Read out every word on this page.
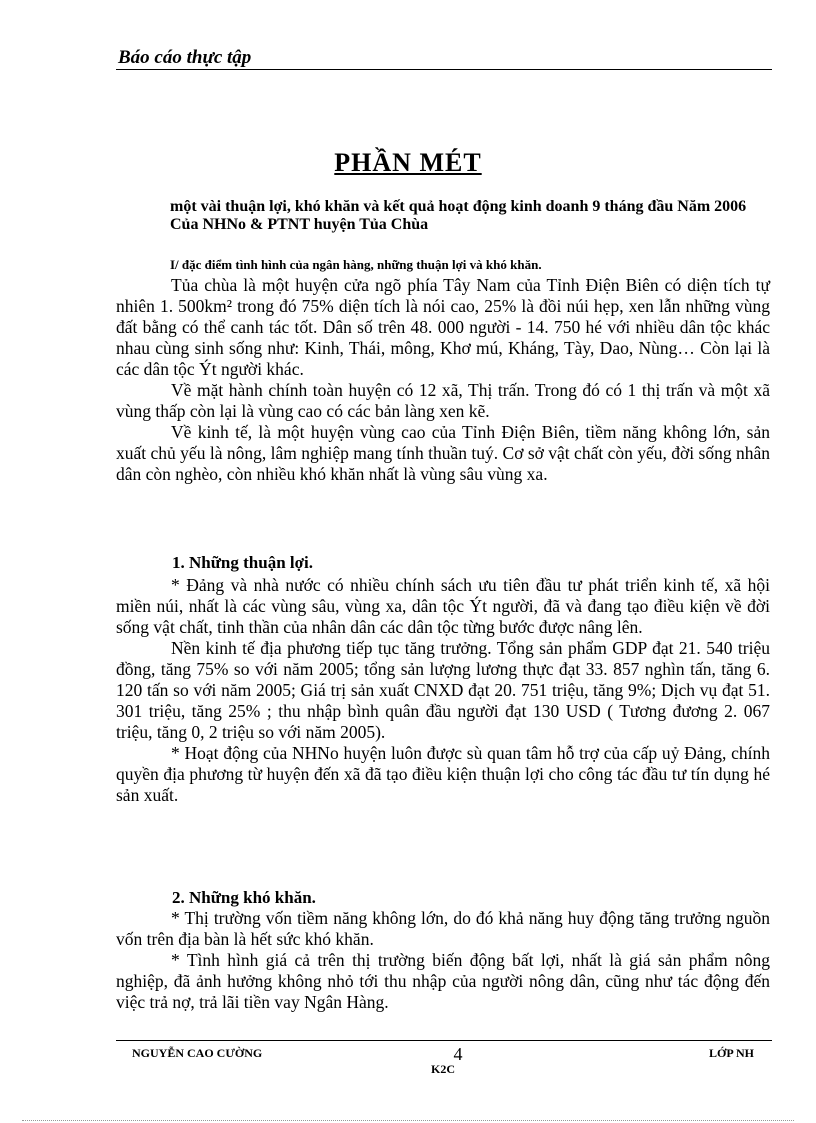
Báo cáo thực tập
PHẦN MÉT
một vài thuận lợi, khó khăn và kết quả hoạt động kinh doanh 9 tháng đầu Năm 2006 Của NHNo & PTNT huyện Tủa Chùa
I/ đặc điểm tình hình của ngân hàng, những thuận lợi và khó khăn.

Tủa chùa là một huyện cửa ngõ phía Tây Nam của Tỉnh Điện Biên có diện tích tự nhiên 1. 500km² trong đó 75% diện tích là nói cao, 25% là đồi núi hẹp, xen lẫn những vùng đất bằng có thể canh tác tốt. Dân số trên 48. 000 người - 14. 750 hé với nhiều dân tộc khác nhau cùng sinh sống như: Kinh, Thái, mông, Khơ mú, Kháng, Tày, Dao, Nùng… Còn lại là các dân tộc Ýt người khác.

Về mặt hành chính toàn huyện có 12 xã, Thị trấn. Trong đó có 1 thị trấn và một xã vùng thấp còn lại là vùng cao có các bản làng xen kẽ.

Về kinh tế, là một huyện vùng cao của Tỉnh Điện Biên, tiềm năng không lớn, sản xuất chủ yếu là nông, lâm nghiệp mang tính thuần tuý. Cơ sở vật chất còn yếu, đời sống nhân dân còn nghèo, còn nhiều khó khăn nhất là vùng sâu vùng xa.

1. Những thuận lợi.

* Đảng và nhà nước có nhiều chính sách ưu tiên đầu tư phát triển kinh tế, xã hội miền núi, nhất là các vùng sâu, vùng xa, dân tộc Ýt người, đã và đang tạo điều kiện về đời sống vật chất, tinh thần của nhân dân các dân tộc từng bước được nâng lên.

Nền kinh tế địa phương tiếp tục tăng trưởng. Tổng sản phẩm GDP đạt 21. 540 triệu đồng, tăng 75% so với năm 2005; tổng sản lượng lương thực đạt 33. 857 nghìn tấn, tăng 6. 120 tấn so với năm 2005; Giá trị sản xuất CNXD đạt 20. 751 triệu, tăng 9%; Dịch vụ đạt 51. 301 triệu, tăng 25% ; thu nhập bình quân đầu người đạt 130 USD ( Tương đương 2. 067 triệu, tăng 0, 2 triệu so với năm 2005).

* Hoạt động của NHNo huyện luôn được sù quan tâm hỗ trợ của cấp uỷ Đảng, chính quyền địa phương từ huyện đến xã đã tạo điều kiện thuận lợi cho công tác đầu tư tín dụng hé sản xuất.

2. Những khó khăn.

* Thị trường vốn tiềm năng không lớn, do đó khả năng huy động tăng trưởng nguồn vốn trên địa bàn là hết sức khó khăn.

* Tình hình giá cả trên thị trường biến động bất lợi, nhất là giá sản phẩm nông nghiệp, đã ảnh hưởng không nhỏ tới thu nhập của người nông dân, cũng như tác động đến việc trả nợ, trả lãi tiền vay Ngân Hàng.

NGUYỄN CAO CƯỜNG	4
K2C
LỚP NH
